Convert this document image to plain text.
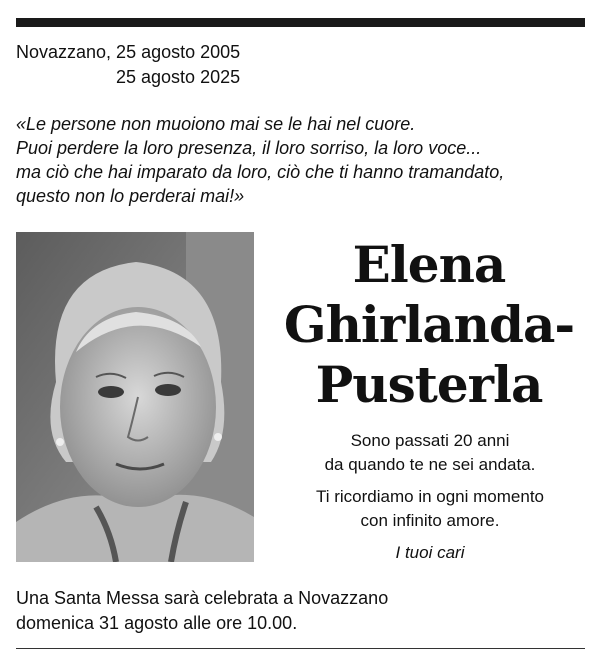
Novazzano, 25 agosto 2005
25 agosto 2025
«Le persone non muoiono mai se le hai nel cuore.
Puoi perdere la loro presenza, il loro sorriso, la loro voce...
ma ciò che hai imparato da loro, ciò che ti hanno tramandato,
questo non lo perderai mai!»
Elena
Ghirlanda-
Pusterla

Sono passati 20 anni

da quando te ne sei andata.

Ti ricordiamo in ogni momento

con infinito amore.

I tuoi cari

Una Santa Messa sarà celebrata a Novazzano
domenica 31 agosto alle ore 10.00.
